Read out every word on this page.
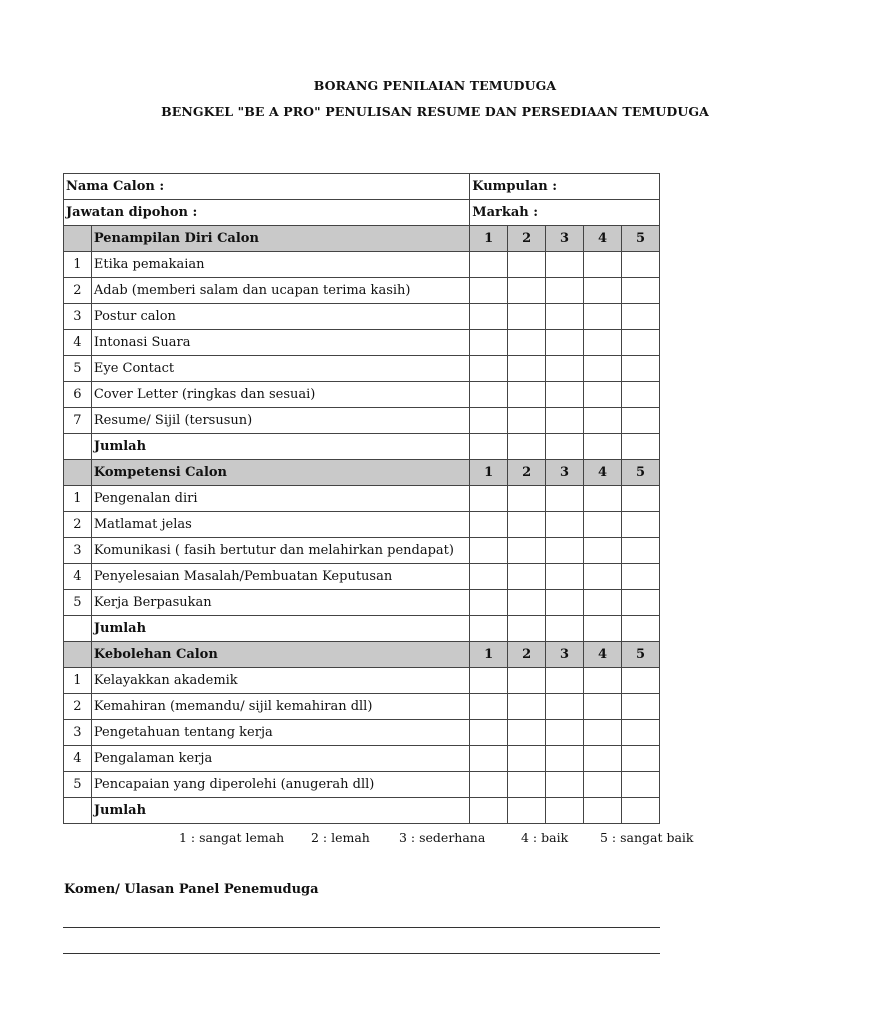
BORANG PENILAIAN TEMUDUGA
BENGKEL "BE A PRO" PENULISAN RESUME DAN PERSEDIAAN TEMUDUGA
Nama Calon :		Kumpulan :				
Jawatan dipohon :		Markah :				
	Penampilan Diri Calon	1	2	3	4	5
1	Etika pemakaian					
2	Adab (memberi salam dan ucapan terima kasih)					
3	Postur calon					
4	Intonasi Suara					
5	Eye Contact					
6	Cover Letter (ringkas dan sesuai)					
7	Resume/ Sijil (tersusun)					
	Jumlah					
	Kompetensi Calon	1	2	3	4	5
1	Pengenalan diri					
2	Matlamat jelas					
3	Komunikasi ( fasih bertutur dan melahirkan pendapat)					
4	Penyelesaian Masalah/Pembuatan Keputusan					
5	Kerja Berpasukan					
	Jumlah					
	Kebolehan Calon	1	2	3	4	5
1	Kelayakkan akademik					
2	Kemahiran (memandu/ sijil kemahiran dll)					
3	Pengetahuan tentang kerja					
4	Pengalaman kerja					
5	Pencapaian yang diperolehi (anugerah dll)					
	Jumlah					
1 : sangat lemah 2 : lemah 3 : sederhana	4 : baik	5 : sangat baik
Komen/ Ulasan Panel Penemuduga
